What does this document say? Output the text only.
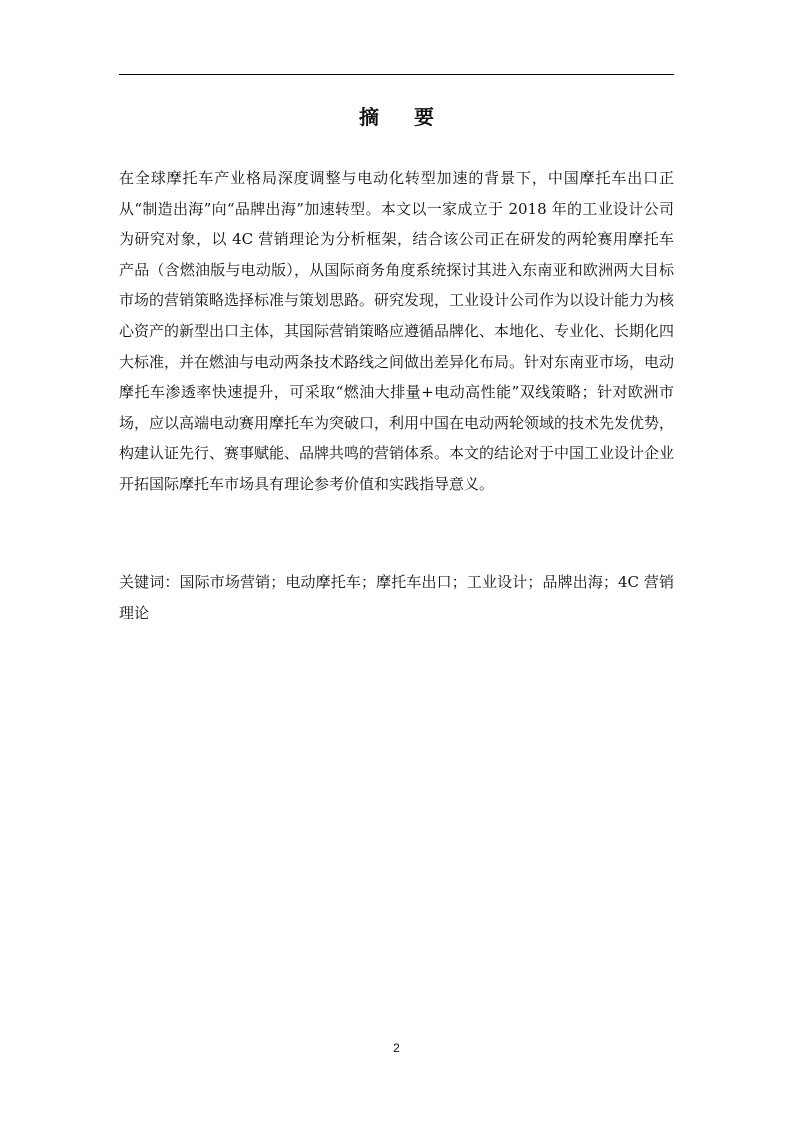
摘 要

在全球摩托车产业格局深度调整与电动化转型加速的背景下，中国摩托车出口正从“制造出海”向“品牌出海”加速转型。本文以一家成立于 2018 年的工业设计公司为研究对象，以 4C 营销理论为分析框架，结合该公司正在研发的两轮赛用摩托车产品（含燃油版与电动版），从国际商务角度系统探讨其进入东南亚和欧洲两大目标市场的营销策略选择标准与策划思路。研究发现，工业设计公司作为以设计能力为核心资产的新型出口主体，其国际营销策略应遵循品牌化、本地化、专业化、长期化四大标准，并在燃油与电动两条技术路线之间做出差异化布局。针对东南亚市场，电动摩托车渗透率快速提升，可采取“燃油大排量+电动高性能”双线策略；针对欧洲市场，应以高端电动赛用摩托车为突破口，利用中国在电动两轮领域的技术先发优势，构建认证先行、赛事赋能、品牌共鸣的营销体系。本文的结论对于中国工业设计企业开拓国际摩托车市场具有理论参考价值和实践指导意义。

关键词：国际市场营销；电动摩托车；摩托车出口；工业设计；品牌出海；4C 营销理论

2
